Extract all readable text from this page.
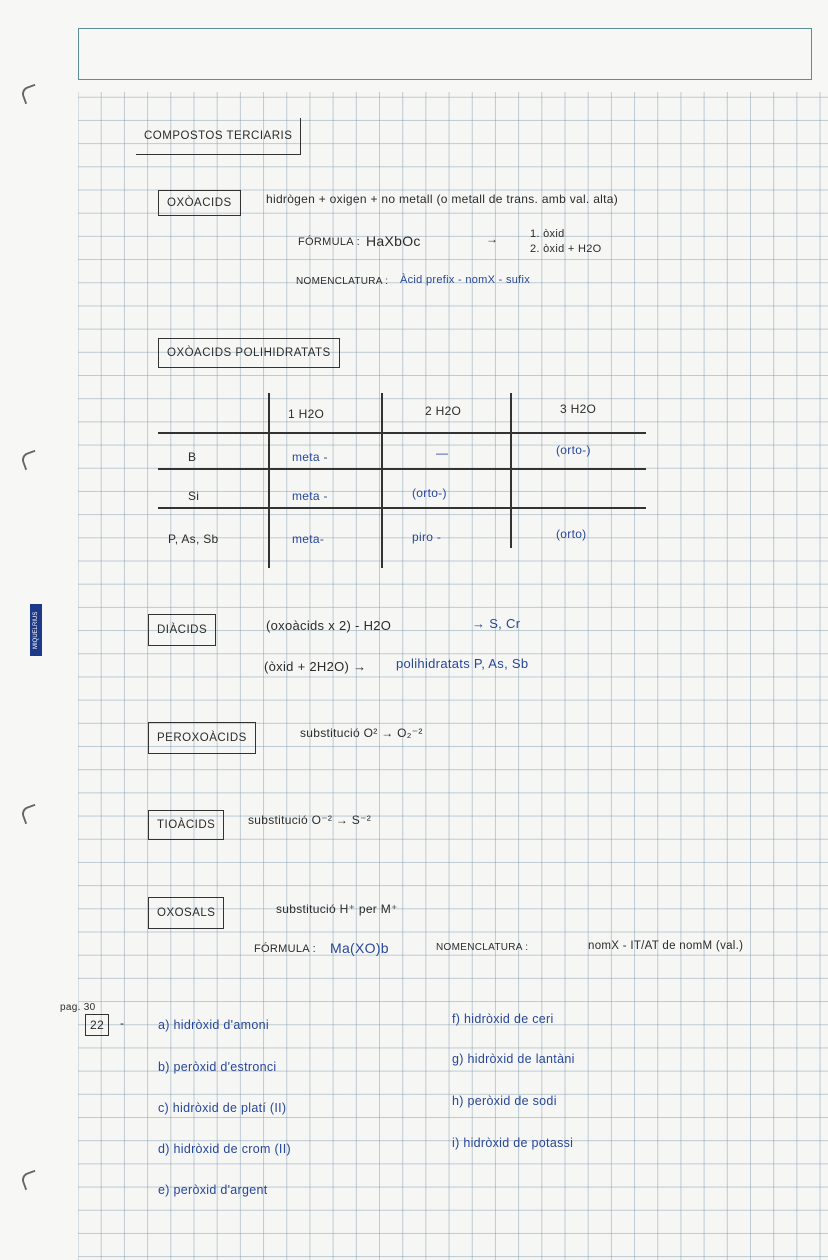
MIQUELRIUS
COMPOSTOS TERCIARIS
OXÒACIDS	hidrògen + oxigen + no metall (o metall de trans. amb val. alta)
FÓRMULA : HaXbOc	→	1. òxid
2. òxid + H2O
NOMENCLATURA : Àcid prefix - nomX - sufix
OXÒACIDS POLIHIDRATATS
1 H2O	2 H2O	3 H2O
B	meta -	—	(orto-)
Si	meta -	(orto-)
P, As, Sb	meta-	piro -	(orto)
DIÀCIDS	(oxoàcids x 2) - H2O	→ S, Cr
(òxid + 2H2O) → polihidratats P, As, Sb
PEROXOÀCIDS	substitució O² → O₂⁻²
TIOÀCIDS	substitució O⁻² → S⁻²
OXOSALS	substitució H⁺ per M⁺
FÓRMULA : Ma(XO)b	NOMENCLATURA :	nomX - IT/AT de nomM (val.)
pag. 30
22	-	a) hidròxid d'amoni
b) peròxid d'estronci
c) hidròxid de platí (II)
d) hidròxid de crom (II)
e) peròxid d'argent
f) hidròxid de ceri
g) hidròxid de lantàni
h) peròxid de sodi
i) hidròxid de potassi
